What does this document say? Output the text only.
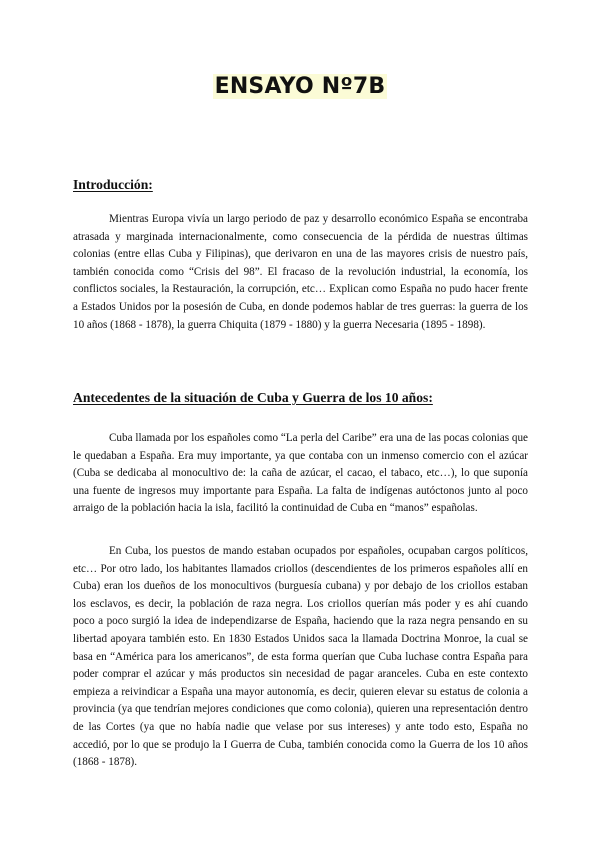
ENSAYO Nº7B
Introducción:

Mientras Europa vivía un largo periodo de paz y desarrollo económico España se encontraba atrasada y marginada internacionalmente, como consecuencia de la pérdida de nuestras últimas colonias (entre ellas Cuba y Filipinas), que derivaron en una de las mayores crisis de nuestro país, también conocida como “Crisis del 98”. El fracaso de la revolución industrial, la economía, los conflictos sociales, la Restauración, la corrupción, etc… Explican como España no pudo hacer frente a Estados Unidos por la posesión de Cuba, en donde podemos hablar de tres guerras: la guerra de los 10 años (1868 - 1878), la guerra Chiquita (1879 - 1880) y la guerra Necesaria (1895 - 1898).

Antecedentes de la situación de Cuba y Guerra de los 10 años:

Cuba llamada por los españoles como “La perla del Caribe” era una de las pocas colonias que le quedaban a España. Era muy importante, ya que contaba con un inmenso comercio con el azúcar (Cuba se dedicaba al monocultivo de: la caña de azúcar, el cacao, el tabaco, etc…), lo que suponía una fuente de ingresos muy importante para España. La falta de indígenas autóctonos junto al poco arraigo de la población hacia la isla, facilitó la continuidad de Cuba en “manos” españolas.

En Cuba, los puestos de mando estaban ocupados por españoles, ocupaban cargos políticos, etc… Por otro lado, los habitantes llamados criollos (descendientes de los primeros españoles allí en Cuba) eran los dueños de los monocultivos (burguesía cubana) y por debajo de los criollos estaban los esclavos, es decir, la población de raza negra. Los criollos querían más poder y es ahí cuando poco a poco surgió la idea de independizarse de España, haciendo que la raza negra pensando en su libertad apoyara también esto. En 1830 Estados Unidos saca la llamada Doctrina Monroe, la cual se basa en “América para los americanos”, de esta forma querían que Cuba luchase contra España para poder comprar el azúcar y más productos sin necesidad de pagar aranceles. Cuba en este contexto empieza a reivindicar a España una mayor autonomía, es decir, quieren elevar su estatus de colonia a provincia (ya que tendrían mejores condiciones que como colonia), quieren una representación dentro de las Cortes (ya que no había nadie que velase por sus intereses) y ante todo esto, España no accedió, por lo que se produjo la I Guerra de Cuba, también conocida como la Guerra de los 10 años (1868 - 1878).
